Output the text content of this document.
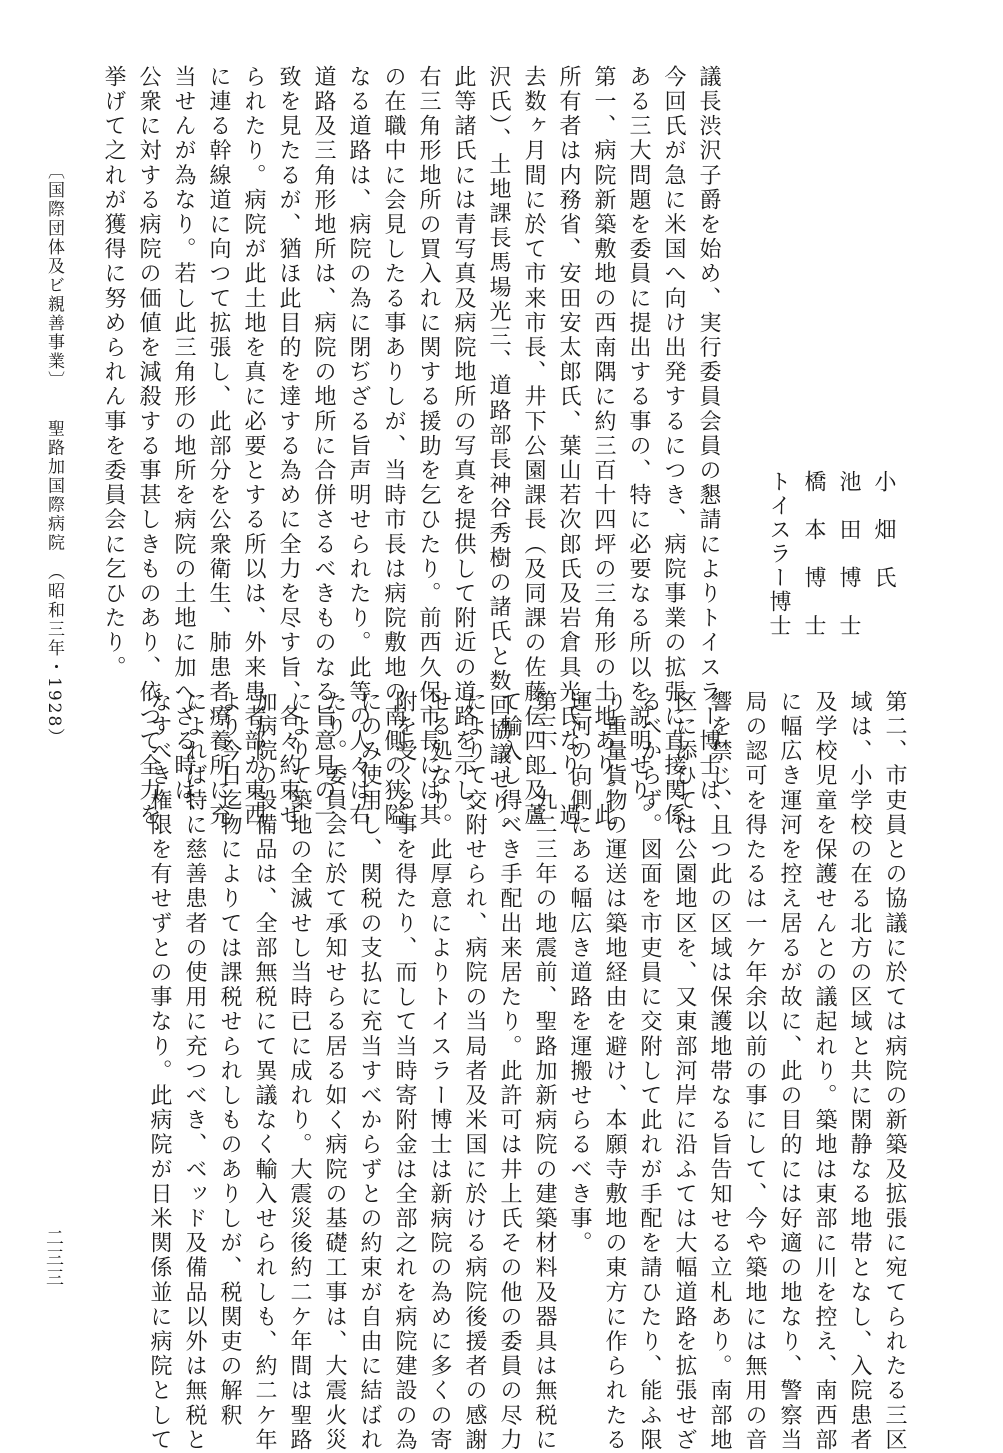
小　畑　氏
池　田　博　士
橋　本　博　士
トイスラー博士
議長渋沢子爵を始め、実行委員会員の懇請によりトイスラー博士は、
今回氏が急に米国へ向け出発するにつき、病院事業の拡張に直接関係
ある三大問題を委員に提出する事の、特に必要なる所以を説明せり。
第一、病院新築敷地の西南隅に約三百十四坪の三角形の土地あり。此
所有者は内務省、安田安太郎氏、葉山若次郎氏及岩倉具光氏なり。過
去数ヶ月間に於て市来市長、井下公園課長（及同課の佐藤伝四郎及蘆
沢氏）、土地課長馬場光三、道路部長神谷秀樹の諸氏と数回協議せり。
此等諸氏には青写真及病院地所の写真を提供して附近の道路を示し、
右三角形地所の買入れに関する援助を乞ひたり。前西久保市長には其
の在職中に会見したる事ありしが、当時市長は病院敷地の南側の狭隘
なる道路は、病院の為に閉ぢざる旨声明せられたり。此等の人々は右
道路及三角形地所は、病院の地所に合併さるべきものなる旨意見の一
致を見たるが、猶ほ此目的を達する為めに全力を尽す旨、各々約束せ
られたり。病院が此土地を真に必要とする所以は、外来患者部が東西
に連る幹線道に向つて拡張し、此部分を公衆衛生、肺患者療養所に充
当せんが為なり。若し此三角形の地所を病院の土地に加へざる時は、
公衆に対する病院の価値を減殺する事甚しきものあり、依つて全力を
挙げて之れが獲得に努められん事を委員会に乞ひたり。
〔国際団体及ビ親善事業〕　　聖路加国際病院　（昭和三年・1928）
第二、市吏員との協議に於ては病院の新築及拡張に宛てられたる三区
域は、小学校の在る北方の区域と共に閑静なる地帯となし、入院患者
及学校児童を保護せんとの議起れり。築地は東部に川を控え、南西部
に幅広き運河を控え居るが故に、此の目的には好適の地なり、警察当
局の認可を得たるは一ケ年余以前の事にして、今や築地には無用の音
響を禁じ、且つ此の区域は保護地帯なる旨告知せる立札あり。南部地
区に添ひては公園地区を、又東部河岸に沿ふては大幅道路を拡張せざ
るべからず。図面を市吏員に交附して此れが手配を請ひたり、能ふ限
り重量貨物の運送は築地経由を避け、本願寺敷地の東方に作られたる
運河の向側にある幅広き道路を運搬せらるべき事。
第三、一九二三年の地震前、聖路加新病院の建築材料及器具は無税に
て輸入し得べき手配出来居たり。此許可は井上氏その他の委員の尽力
によりて交附せられ、病院の当局者及米国に於ける病院後援者の感謝
せる処なり。此厚意によりトイスラー博士は新病院の為めに多くの寄
附を受くる事を得たり、而して当時寄附金は全部之れを病院建設の為
にのみ使用し、関税の支払に充当すべからずとの約束が自由に結ばれ
たり。委員会に於て承知せらる居る如く病院の基礎工事は、大震火災
によりて築地の全滅せし当時已に成れり。大震災後約二ケ年間は聖路
加病院の設備品は、全部無税にて異議なく輸入せられしも、約二ケ年
より今日迄物によりては課税せられしものありしが、税関吏の解釈
によれば特に慈善患者の使用に充つべき、ベッド及備品以外は無税と
なすべき権限を有せずとの事なり。此病院が日米関係並に病院として
二三三
